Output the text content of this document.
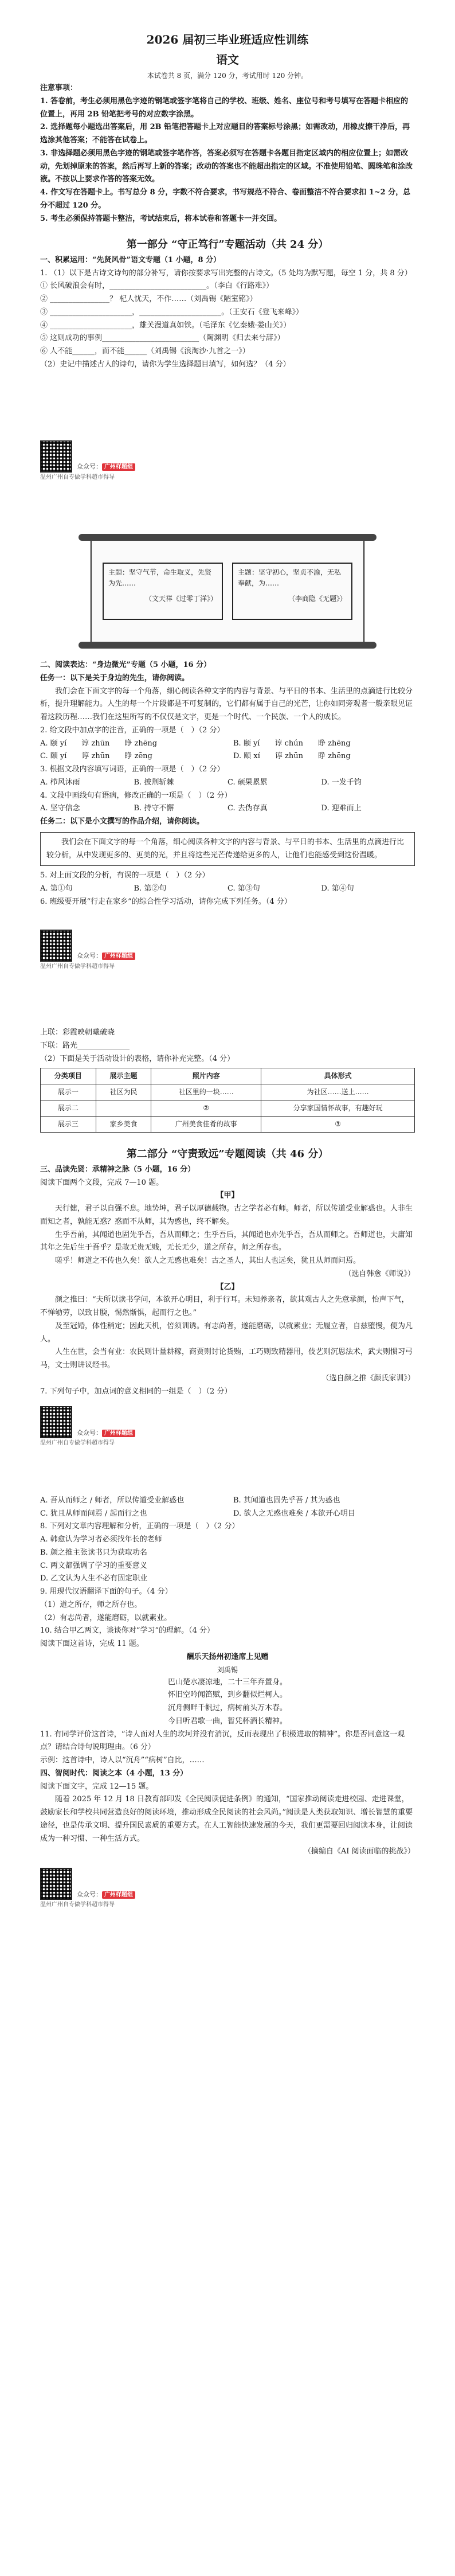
2026 届初三毕业班适应性训练

语文

本试卷共 8 页，满分 120 分，考试用时 120 分钟。

注意事项：

1. 答卷前，考生必须用黑色字迹的钢笔或签字笔将自己的学校、班级、姓名、座位号和考号填写在答题卡相应的位置上，再用 2B 铅笔把考号的对应数字涂黑。

2. 选择题每小题选出答案后，用 2B 铅笔把答题卡上对应题目的答案标号涂黑；如需改动，用橡皮擦干净后，再选涂其他答案；不能答在试卷上。

3. 非选择题必须用黑色字迹的钢笔或签字笔作答，答案必须写在答题卡各题目指定区域内的相应位置上；如需改动，先划掉原来的答案，然后再写上新的答案；改动的答案也不能超出指定的区域。不准使用铅笔、圆珠笔和涂改液。不按以上要求作答的答案无效。

4. 作文写在答题卡上。书写总分 8 分，字数不符合要求，书写规范不符合、卷面整洁不符合要求扣 1~2 分，总分不超过 120 分。

5. 考生必须保持答题卡整洁，考试结束后，将本试卷和答题卡一并交回。

第一部分 “守正笃行”专题活动（共 24 分）

一、积累运用：“先贤风骨”语文专题（1 小题，8 分）

1. （1）以下是古诗文诗句的部分补写，请你按要求写出完整的古诗文。（5 处均为默写题，每空 1 分，共 8 分）

① 长风破浪会有时，__________________________。（李白《行路难》）

② ________________？ 杞人忧天，不作……（刘禹锡《陋室铭》）

③ ______________________，______________________。（王安石《登飞来峰》）

④ ______________________，雄关漫道真如铁。（毛泽东《忆秦娥·娄山关》）

⑤ 这则成功的事例__________________________（陶渊明《归去来兮辞》）

⑥ 人不能______，而不能______（刘禹锡《浪淘沙·九首之一》）

（2）史记中描述古人的诗句，请你为学生选择题目填写，如何选？（4 分）

众众号： 广州样题组

温州广州自专做学科超市得导

主题：坚守气节，命生取义，先贤为先……

（文天祥《过零丁洋》）

主题：坚守初心，坚贞不渝，无私奉献，为……

（李商隐《无题》）

二、阅读表达：“身边微光”专题（5 小题，16 分）

任务一：以下是关于身边的先生，请你阅读。

我们会在下面文字的每一个角落，细心阅读各种文字的内容与背景、与平日的书本、生活里的点滴进行比较分析，提升理解能力。人生的每一个片段都是不可复制的，它们都有属于自己的光芒，让你如同旁观者一般亲眼见证着这段历程……我们在这里所写的不仅仅是文字，更是一个时代、一个民族、一个人的成长。

2. 给文段中加点字的注音，正确的一项是（　）（2 分）

A. 颐 yí　　谆 zhūn　　睁 zhēng	B. 颐 yí　　谆 chún　　睁 zhēng

C. 颐 yí　　谆 zhūn　　睁 zēng	D. 颐 xí　　谆 zhūn　　睁 zhēng

3. 根据文段内容填写词语，正确的一项是（　）（2 分）

A. 栉风沐雨	B. 披荆斩棘	C. 硕果累累	D. 一发千钧

4. 文段中画线句有语病，修改正确的一项是（　）（2 分）

A. 坚守信念	B. 持守不懈	C. 去伪存真	D. 迎难而上

任务二：以下是小文撰写的作品介绍，请你阅读。

我们会在下面文字的每一个角落，细心阅读各种文字的内容与背景、与平日的书本、生活里的点滴进行比较分析，从中发现更多的、更美的光，并且将这些光芒传递给更多的人，让他们也能感受到这份温暖。

5. 对上面文段的分析，有误的一项是（　）（2 分）

A. 第①句	B. 第②句	C. 第③句	D. 第④句

6. 班级要开展“行走在家乡”的综合性学习活动，请你完成下列任务。（4 分）

众众号： 广州样题组

温州广州自专做学科超市得导

上联：彩霞映朝曦破晓

下联：路光______________

（2）下面是关于活动设计的表格，请你补充完整。（4 分）

分类项目	展示主题	照片内容	具体形式
展示一	社区为民	社区里的一块……	为社区……送上……
展示二		②	分享家国情怀故事，有趣好玩
展示三	家乡美食	广州美食佳肴的故事	③

第二部分 “守责致远”专题阅读（共 46 分）

三、品读先贤：承精神之脉（5 小题，16 分）

阅读下面两个文段，完成 7—10 题。

【甲】

天行健，君子以自强不息。地势坤，君子以厚德载物。古之学者必有师。师者，所以传道受业解惑也。人非生而知之者，孰能无惑？惑而不从师，其为惑也，终不解矣。

生乎吾前，其闻道也固先乎吾，吾从而师之；生乎吾后，其闻道也亦先乎吾，吾从而师之。吾师道也，夫庸知其年之先后生于吾乎？是故无贵无贱，无长无少，道之所存，师之所存也。

嗟乎！师道之不传也久矣！欲人之无惑也难矣！古之圣人，其出人也远矣，犹且从师而问焉。

（选自韩愈《师说》）

【乙】

颜之推曰：“夫所以读书学问，本欲开心明目，利于行耳。未知养亲者，欲其观古人之先意承颜，怡声下气，不惮劬劳，以致甘腝，惕然惭惧，起而行之也。”

及至冠婚，体性稍定；因此天机，倍须训诱。有志尚者，遂能磨砺，以就素业；无履立者，自兹堕慢，便为凡人。

人生在世，会当有业：农民则计量耕稼，商贾则讨论货贿，工巧则致精器用，伎艺则沉思法术，武夫则惯习弓马，文士则讲议经书。

（选自颜之推《颜氏家训》）

7. 下列句子中，加点词的意义相同的一组是（　）（2 分）

众众号： 广州样题组

温州广州自专做学科超市得导

A. 吾从而师之 / 师者，所以传道受业解惑也	B. 其闻道也固先乎吾 / 其为惑也

C. 犹且从师而问焉 / 起而行之也	D. 欲人之无惑也难矣 / 本欲开心明目

8. 下列对文章内容理解和分析，正确的一项是（　）（2 分）

A. 韩愈认为学习者必须找年长的老师

B. 颜之推主张读书只为获取功名

C. 两文都强调了学习的重要意义

D. 乙文认为人生不必有固定职业

9. 用现代汉语翻译下面的句子。（4 分）

（1）道之所存，师之所存也。

（2）有志尚者，遂能磨砺，以就素业。

10. 结合甲乙两文，谈谈你对“学习”的理解。（4 分）

阅读下面这首诗，完成 11 题。

酬乐天扬州初逢席上见赠

刘禹锡

巴山楚水凄凉地，二十三年弃置身。

怀旧空吟闻笛赋，到乡翻似烂柯人。

沉舟侧畔千帆过，病树前头万木春。

今日听君歌一曲，暂凭杯酒长精神。

11. 有同学评价这首诗，“诗人面对人生的坎坷并没有消沉，反而表现出了积极进取的精神”。你是否同意这一观点？请结合诗句说明理由。（6 分）

示例：这首诗中，诗人以“沉舟”“病树”自比，……

四、智阅时代：阅读之本（4 小题，13 分）

阅读下面文字，完成 12—15 题。

随着 2025 年 12 月 18 日教育部印发《全民阅读促进条例》的通知，“国家推动阅读走进校园、走进课堂，鼓励家长和学校共同营造良好的阅读环境，推动形成全民阅读的社会风尚。”阅读是人类获取知识、增长智慧的重要途径，也是传承文明、提升国民素质的重要方式。在人工智能快速发展的今天，我们更需要回归阅读本身，让阅读成为一种习惯、一种生活方式。

（摘编自《AI 阅读面临的挑战》）

众众号： 广州样题组

温州广州自专做学科超市得导
